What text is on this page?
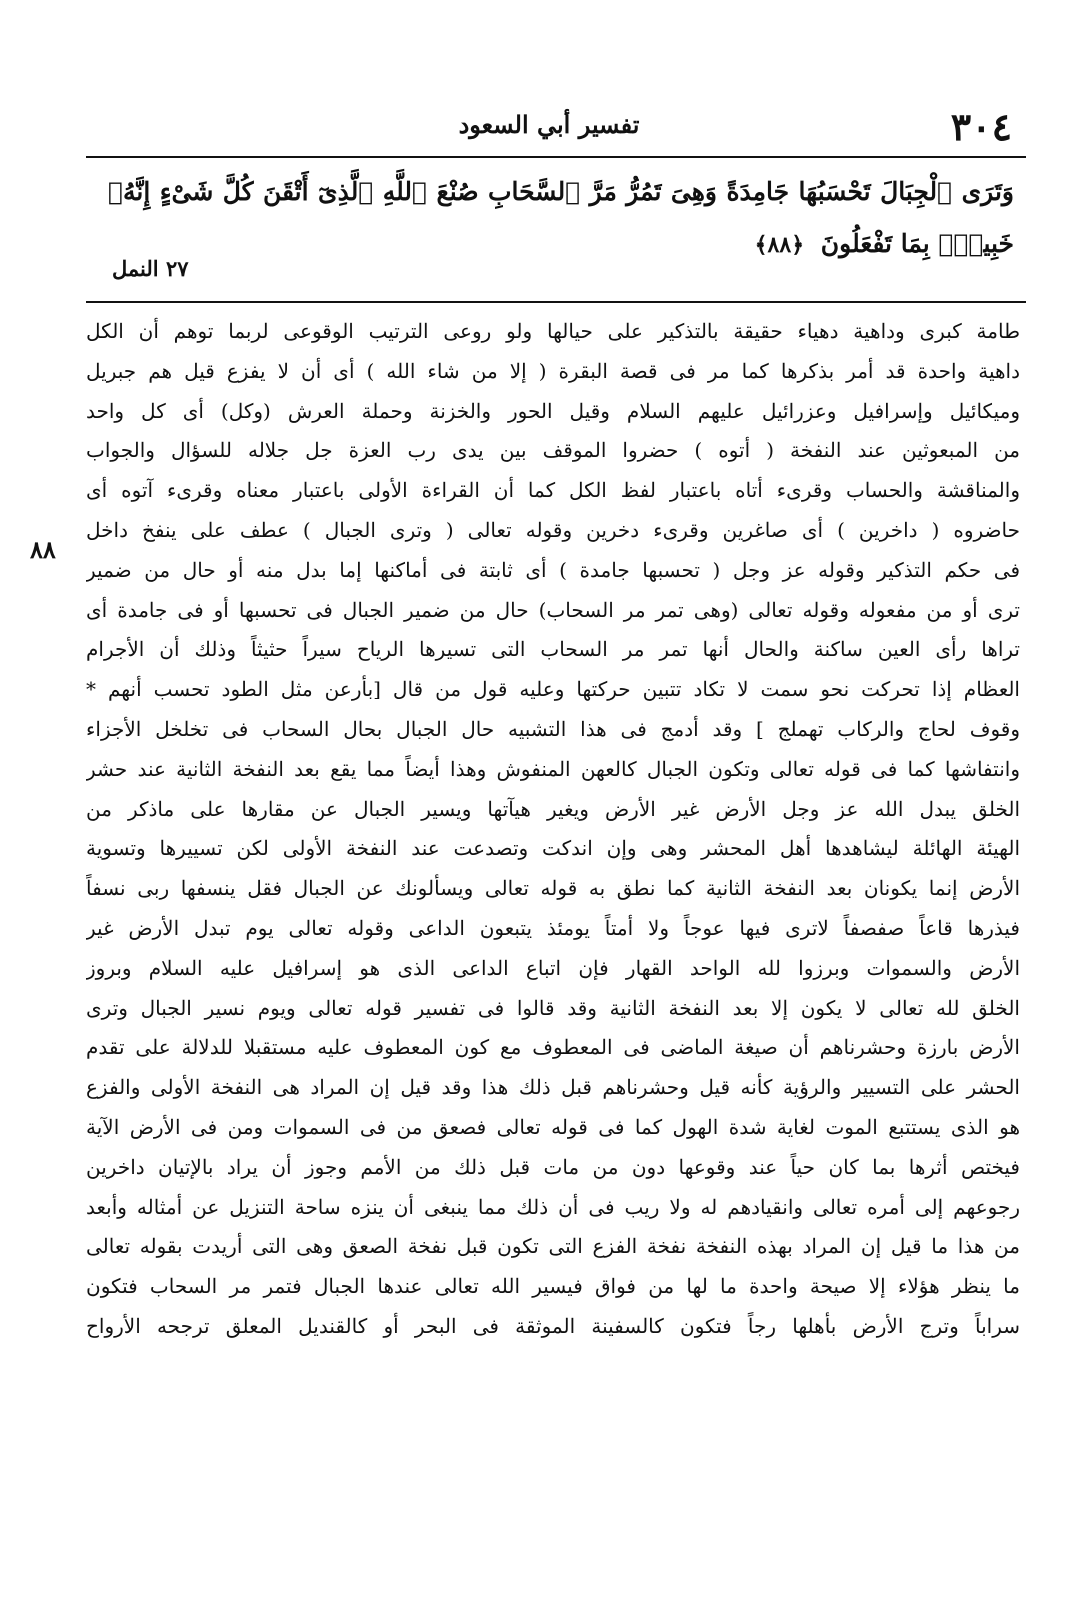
٣٠٤
تفسير أبي السعود
وَتَرَى ٱلْجِبَالَ تَحْسَبُهَا جَامِدَةً وَهِىَ تَمُرُّ مَرَّ ٱلسَّحَابِ صُنْعَ ٱللَّهِ ٱلَّذِىٓ أَتْقَنَ كُلَّ شَىْءٍ إِنَّهُۥ خَبِيرٌۢ بِمَا تَفْعَلُونَ ﴿٨٨﴾
٢٧ النمل
٨٨
طامة كبرى وداهية دهياء حقيقة بالتذكير على حيالها ولو روعى الترتيب الوقوعى لربما توهم أن الكل
داهية واحدة قد أمر بذكرها كما مر فى قصة البقرة ( إلا من شاء الله ) أى أن لا يفزع قيل هم جبريل
وميكائيل وإسرافيل وعزرائيل عليهم السلام وقيل الحور والخزنة وحملة العرش (وكل) أى كل واحد
من المبعوثين عند النفخة ( أتوه ) حضروا الموقف بين يدى رب العزة جل جلاله للسؤال والجواب
والمناقشة والحساب وقرىء أتاه باعتبار لفظ الكل كما أن القراءة الأولى باعتبار معناه وقرىء آتوه أى
حاضروه ( داخرين ) أى صاغرين وقرىء دخرين وقوله تعالى ( وترى الجبال ) عطف على ينفخ داخل
فى حكم التذكير وقوله عز وجل ( تحسبها جامدة ) أى ثابتة فى أماكنها إما بدل منه أو حال من ضمير
ترى أو من مفعوله وقوله تعالى (وهى تمر مر السحاب) حال من ضمير الجبال فى تحسبها أو فى جامدة أى
تراها رأى العين ساكنة والحال أنها تمر مر السحاب التى تسيرها الرياح سيراً حثيثاً وذلك أن الأجرام
العظام إذا تحركت نحو سمت لا تكاد تتبين حركتها وعليه قول من قال [بأرعن مثل الطود تحسب أنهم *
وقوف لحاج والركاب تهملج ] وقد أدمج فى هذا التشبيه حال الجبال بحال السحاب فى تخلخل الأجزاء
وانتفاشها كما فى قوله تعالى وتكون الجبال كالعهن المنفوش وهذا أيضاً مما يقع بعد النفخة الثانية عند حشر
الخلق يبدل الله عز وجل الأرض غير الأرض ويغير هيآتها ويسير الجبال عن مقارها على ماذكر من
الهيئة الهائلة ليشاهدها أهل المحشر وهى وإن اندكت وتصدعت عند النفخة الأولى لكن تسييرها وتسوية
الأرض إنما يكونان بعد النفخة الثانية كما نطق به قوله تعالى ويسألونك عن الجبال فقل ينسفها ربى نسفاً
فيذرها قاعاً صفصفاً لاترى فيها عوجاً ولا أمتاً يومئذ يتبعون الداعى وقوله تعالى يوم تبدل الأرض غير
الأرض والسموات وبرزوا لله الواحد القهار فإن اتباع الداعى الذى هو إسرافيل عليه السلام وبروز
الخلق لله تعالى لا يكون إلا بعد النفخة الثانية وقد قالوا فى تفسير قوله تعالى ويوم نسير الجبال وترى
الأرض بارزة وحشرناهم أن صيغة الماضى فى المعطوف مع كون المعطوف عليه مستقبلا للدلالة على تقدم
الحشر على التسيير والرؤية كأنه قيل وحشرناهم قبل ذلك هذا وقد قيل إن المراد هى النفخة الأولى والفزع
هو الذى يستتبع الموت لغاية شدة الهول كما فى قوله تعالى فصعق من فى السموات ومن فى الأرض الآية
فيختص أثرها بما كان حياً عند وقوعها دون من مات قبل ذلك من الأمم وجوز أن يراد بالإتيان داخرين
رجوعهم إلى أمره تعالى وانقيادهم له ولا ريب فى أن ذلك مما ينبغى أن ينزه ساحة التنزيل عن أمثاله وأبعد
من هذا ما قيل إن المراد بهذه النفخة نفخة الفزع التى تكون قبل نفخة الصعق وهى التى أريدت بقوله تعالى
ما ينظر هؤلاء إلا صيحة واحدة ما لها من فواق فيسير الله تعالى عندها الجبال فتمر مر السحاب فتكون
سراباً وترج الأرض بأهلها رجاً فتكون كالسفينة الموثقة فى البحر أو كالقنديل المعلق ترجحه الأرواح
